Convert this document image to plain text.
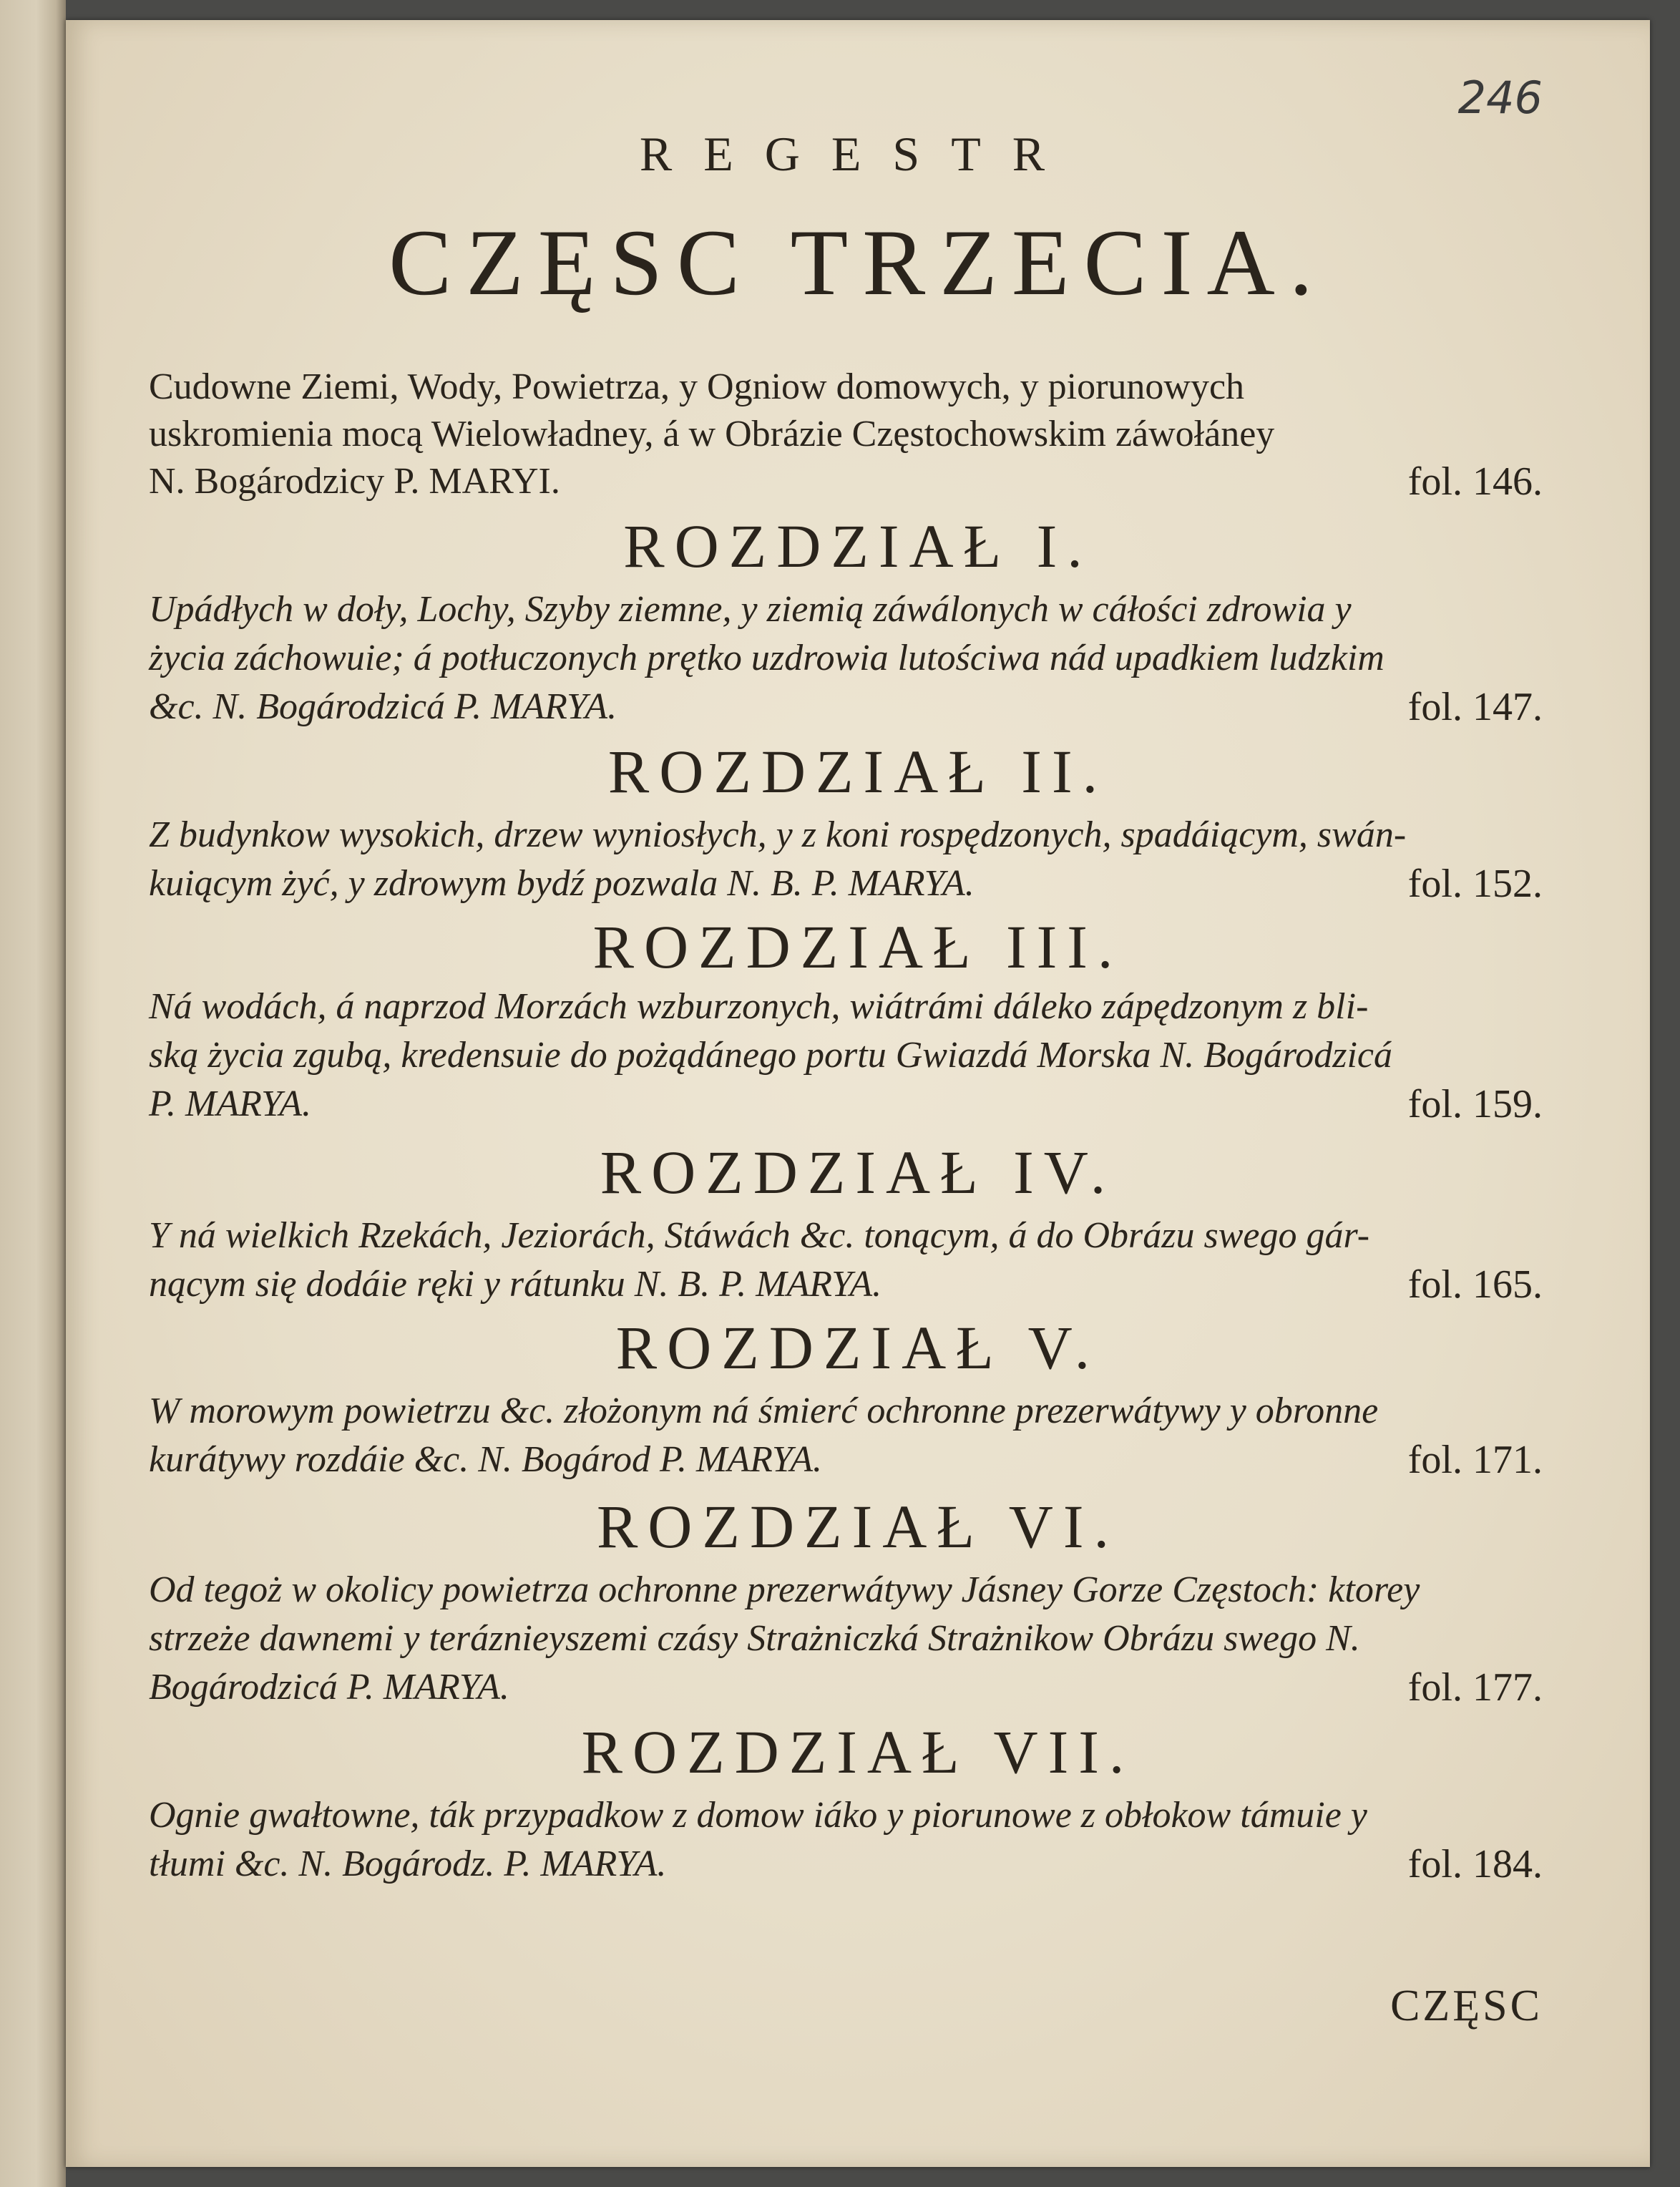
246
REGESTR
CZĘSC TRZECIA.
Cudowne Ziemi, Wody, Powietrza, y Ogniow domowych, y piorunowych
uskromienia mocą Wielowładney, á w Obrázie Częstochowskim záwołáney
N. Bogárodzicy P. MARYI.	fol. 146.
ROZDZIAŁ I.
Upádłych w doły, Lochy, Szyby ziemne, y ziemią záwálonych w cáłości zdrowia y
życia záchowuie; á potłuczonych prętko uzdrowia lutościwa nád upadkiem ludzkim
&c. N. Bogárodzicá P. MARYA.	fol. 147.
ROZDZIAŁ II.
Z budynkow wysokich, drzew wyniosłych, y z koni rospędzonych, spadáiącym, swán-
kuiącym żyć, y zdrowym bydź pozwala N. B. P. MARYA.	fol. 152.
ROZDZIAŁ III.
Ná wodách, á naprzod Morzách wzburzonych, wiátrámi dáleko zápędzonym z bli-
ską życia zgubą, kredensuie do pożądánego portu Gwiazdá Morska N. Bogárodzicá
P. MARYA.	fol. 159.
ROZDZIAŁ IV.
Y ná wielkich Rzekách, Jeziorách, Stáwách &c. tonącym, á do Obrázu swego gár-
nącym się dodáie ręki y rátunku N. B. P. MARYA.	fol. 165.
ROZDZIAŁ V.
W morowym powietrzu &c. złożonym ná śmierć ochronne prezerwátywy y obronne
kurátywy rozdáie &c. N. Bogárod P. MARYA.	fol. 171.
ROZDZIAŁ VI.
Od tegoż w okolicy powietrza ochronne prezerwátywy Jásney Gorze Częstoch: ktorey
strzeże dawnemi y teráznieyszemi czásy Strażniczká Strażnikow Obrázu swego N.
Bogárodzicá P. MARYA.	fol. 177.
ROZDZIAŁ VII.
Ognie gwałtowne, ták przypadkow z domow iáko y piorunowe z obłokow támuie y
tłumi &c. N. Bogárodz. P. MARYA.	fol. 184.
CZĘSC
